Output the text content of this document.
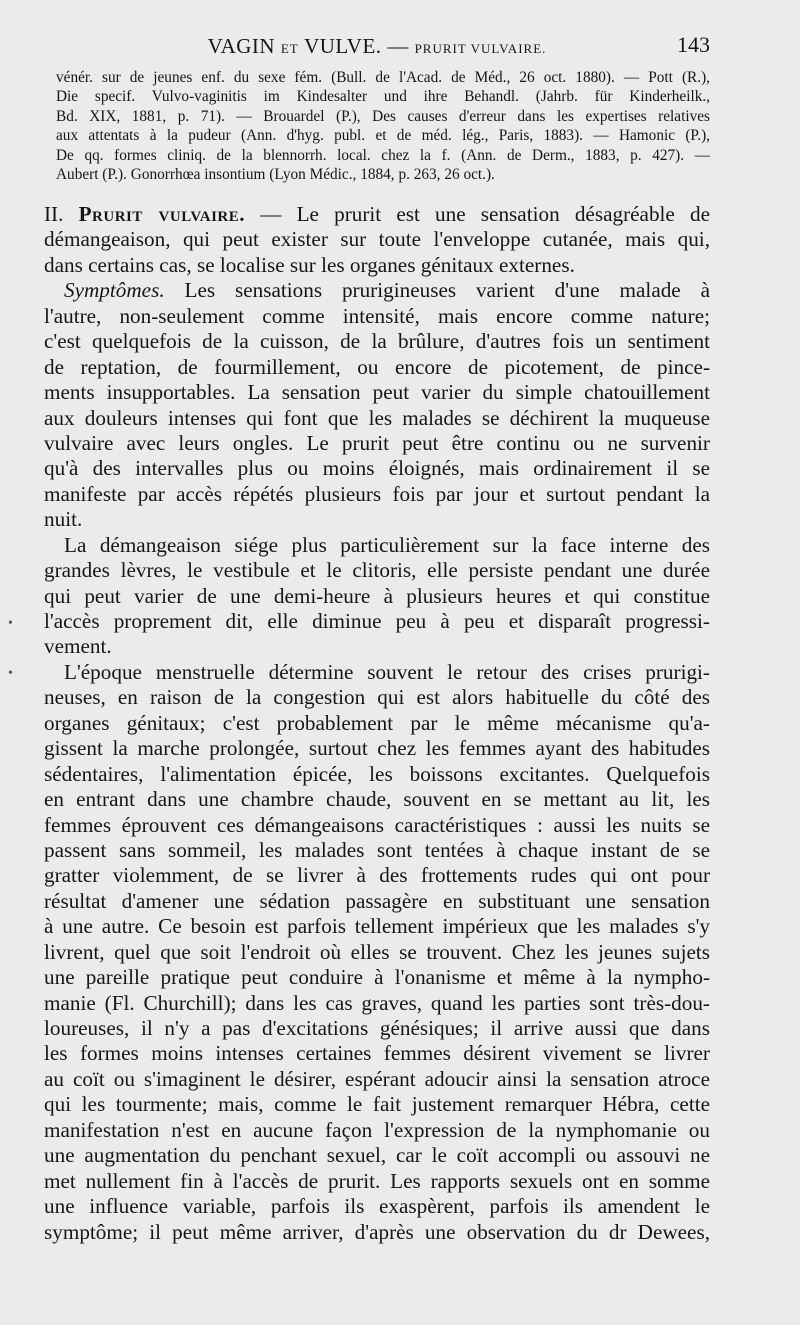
VAGIN ET VULVE. — PRURIT VULVAIRE.	143
vénér. sur de jeunes enf. du sexe fém. (Bull. de l'Acad. de Méd., 26 oct. 1880). — Pott (R.),
Die specif. Vulvo-vaginitis im Kindesalter und ihre Behandl. (Jahrb. für Kinderheilk.,
Bd. XIX, 1881, p. 71). — Brouardel (P.), Des causes d'erreur dans les expertises relatives
aux attentats à la pudeur (Ann. d'hyg. publ. et de méd. lég., Paris, 1883). — Hamonic (P.),
De qq. formes cliniq. de la blennorrh. local. chez la f. (Ann. de Derm., 1883, p. 427). —
Aubert (P.). Gonorrhœa insontium (Lyon Médic., 1884, p. 263, 26 oct.).
II. Prurit vulvaire. — Le prurit est une sensation désagréable de
démangeaison, qui peut exister sur toute l'enveloppe cutanée, mais qui,
dans certains cas, se localise sur les organes génitaux externes.
Symptômes. Les sensations prurigineuses varient d'une malade à
l'autre, non-seulement comme intensité, mais encore comme nature;
c'est quelquefois de la cuisson, de la brûlure, d'autres fois un sentiment
de reptation, de fourmillement, ou encore de picotement, de pince-
ments insupportables. La sensation peut varier du simple chatouillement
aux douleurs intenses qui font que les malades se déchirent la muqueuse
vulvaire avec leurs ongles. Le prurit peut être continu ou ne survenir
qu'à des intervalles plus ou moins éloignés, mais ordinairement il se
manifeste par accès répétés plusieurs fois par jour et surtout pendant la
nuit.
La démangeaison siége plus particulièrement sur la face interne des
grandes lèvres, le vestibule et le clitoris, elle persiste pendant une durée
qui peut varier de une demi-heure à plusieurs heures et qui constitue
l'accès proprement dit, elle diminue peu à peu et disparaît progressi-
vement.
L'époque menstruelle détermine souvent le retour des crises prurigi-
neuses, en raison de la congestion qui est alors habituelle du côté des
organes génitaux; c'est probablement par le même mécanisme qu'a-
gissent la marche prolongée, surtout chez les femmes ayant des habitudes
sédentaires, l'alimentation épicée, les boissons excitantes. Quelquefois
en entrant dans une chambre chaude, souvent en se mettant au lit, les
femmes éprouvent ces démangeaisons caractéristiques : aussi les nuits se
passent sans sommeil, les malades sont tentées à chaque instant de se
gratter violemment, de se livrer à des frottements rudes qui ont pour
résultat d'amener une sédation passagère en substituant une sensation
à une autre. Ce besoin est parfois tellement impérieux que les malades s'y
livrent, quel que soit l'endroit où elles se trouvent. Chez les jeunes sujets
une pareille pratique peut conduire à l'onanisme et même à la nympho-
manie (Fl. Churchill); dans les cas graves, quand les parties sont très-dou-
loureuses, il n'y a pas d'excitations génésiques; il arrive aussi que dans
les formes moins intenses certaines femmes désirent vivement se livrer
au coït ou s'imaginent le désirer, espérant adoucir ainsi la sensation atroce
qui les tourmente; mais, comme le fait justement remarquer Hébra, cette
manifestation n'est en aucune façon l'expression de la nymphomanie ou
une augmentation du penchant sexuel, car le coït accompli ou assouvi ne
met nullement fin à l'accès de prurit. Les rapports sexuels ont en somme
une influence variable, parfois ils exaspèrent, parfois ils amendent le
symptôme; il peut même arriver, d'après une observation du dr Dewees,
•
•
